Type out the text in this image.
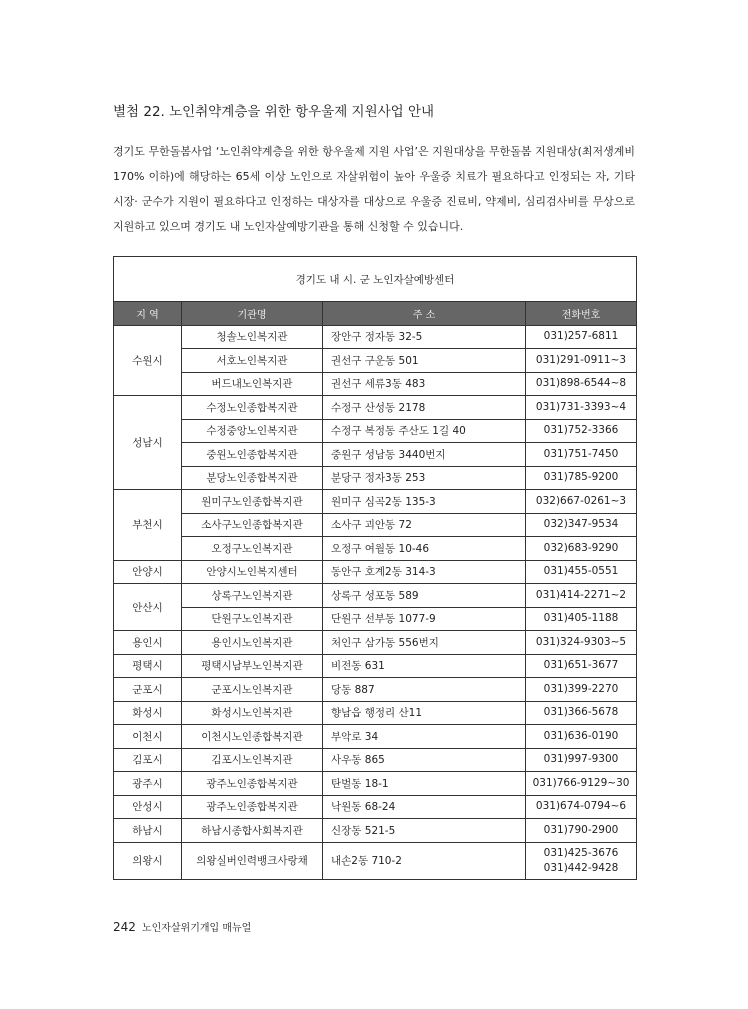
별첨 22. 노인취약계층을 위한 항우울제 지원사업 안내

경기도 무한돌봄사업 ‘노인취약계층을 위한 항우울제 지원 사업’은 지원대상을 무한돌봄 지원대상(최저생계비 170% 이하)에 해당하는 65세 이상 노인으로 자살위험이 높아 우울증 치료가 필요하다고 인정되는 자, 기타 시장· 군수가 지원이 필요하다고 인정하는 대상자를 대상으로 우울증 진료비, 약제비, 심리검사비를 무상으로 지원하고 있으며 경기도 내 노인자살예방기관을 통해 신청할 수 있습니다.

경기도 내 시. 군 노인자살예방센터			
지 역	기관명	주 소	전화번호
수원시	청솔노인복지관	장안구 정자동 32-5	031)257-6811

	서호노인복지관	권선구 구운동 501	031)291-0911~3

	버드내노인복지관	권선구 세류3동 483	031)898-6544~8

성남시	수정노인종합복지관	수정구 산성동 2178	031)731-3393~4

	수정중앙노인복지관	수정구 복정동 주산도 1길 40	031)752-3366

	중원노인종합복지관	중원구 성남동 3440번지	031)751-7450

	분당노인종합복지관	분당구 정자3동 253	031)785-9200

부천시	원미구노인종합복지관	원미구 심곡2동 135-3	032)667-0261~3

	소사구노인종합복지관	소사구 괴안동 72	032)347-9534

	오정구노인복지관	오정구 여월동 10-46	032)683-9290

안양시	안양시노인복지센터	동안구 호계2동 314-3	031)455-0551

안산시	상록구노인복지관	상록구 성포동 589	031)414-2271~2

	단원구노인복지관	단원구 선부동 1077-9	031)405-1188

용인시	용인시노인복지관	처인구 삼가동 556번지	031)324-9303~5

평택시	평택시남부노인복지관	비전동 631	031)651-3677

군포시	군포시노인복지관	당동 887	031)399-2270

화성시	화성시노인복지관	향남읍 행정리 산11	031)366-5678

이천시	이천시노인종합복지관	부악로 34	031)636-0190

김포시	김포시노인복지관	사우동 865	031)997-9300

광주시	광주노인종합복지관	탄벌동 18-1	031)766-9129~30

안성시	광주노인종합복지관	낙원동 68-24	031)674-0794~6

하남시	하남시종합사회복지관	신장동 521-5	031)790-2900

의왕시	의왕실버인력뱅크사랑채	내손2동 710-2	031)425-3676
031)442-9428
242 노인자살위기개입 매뉴얼
